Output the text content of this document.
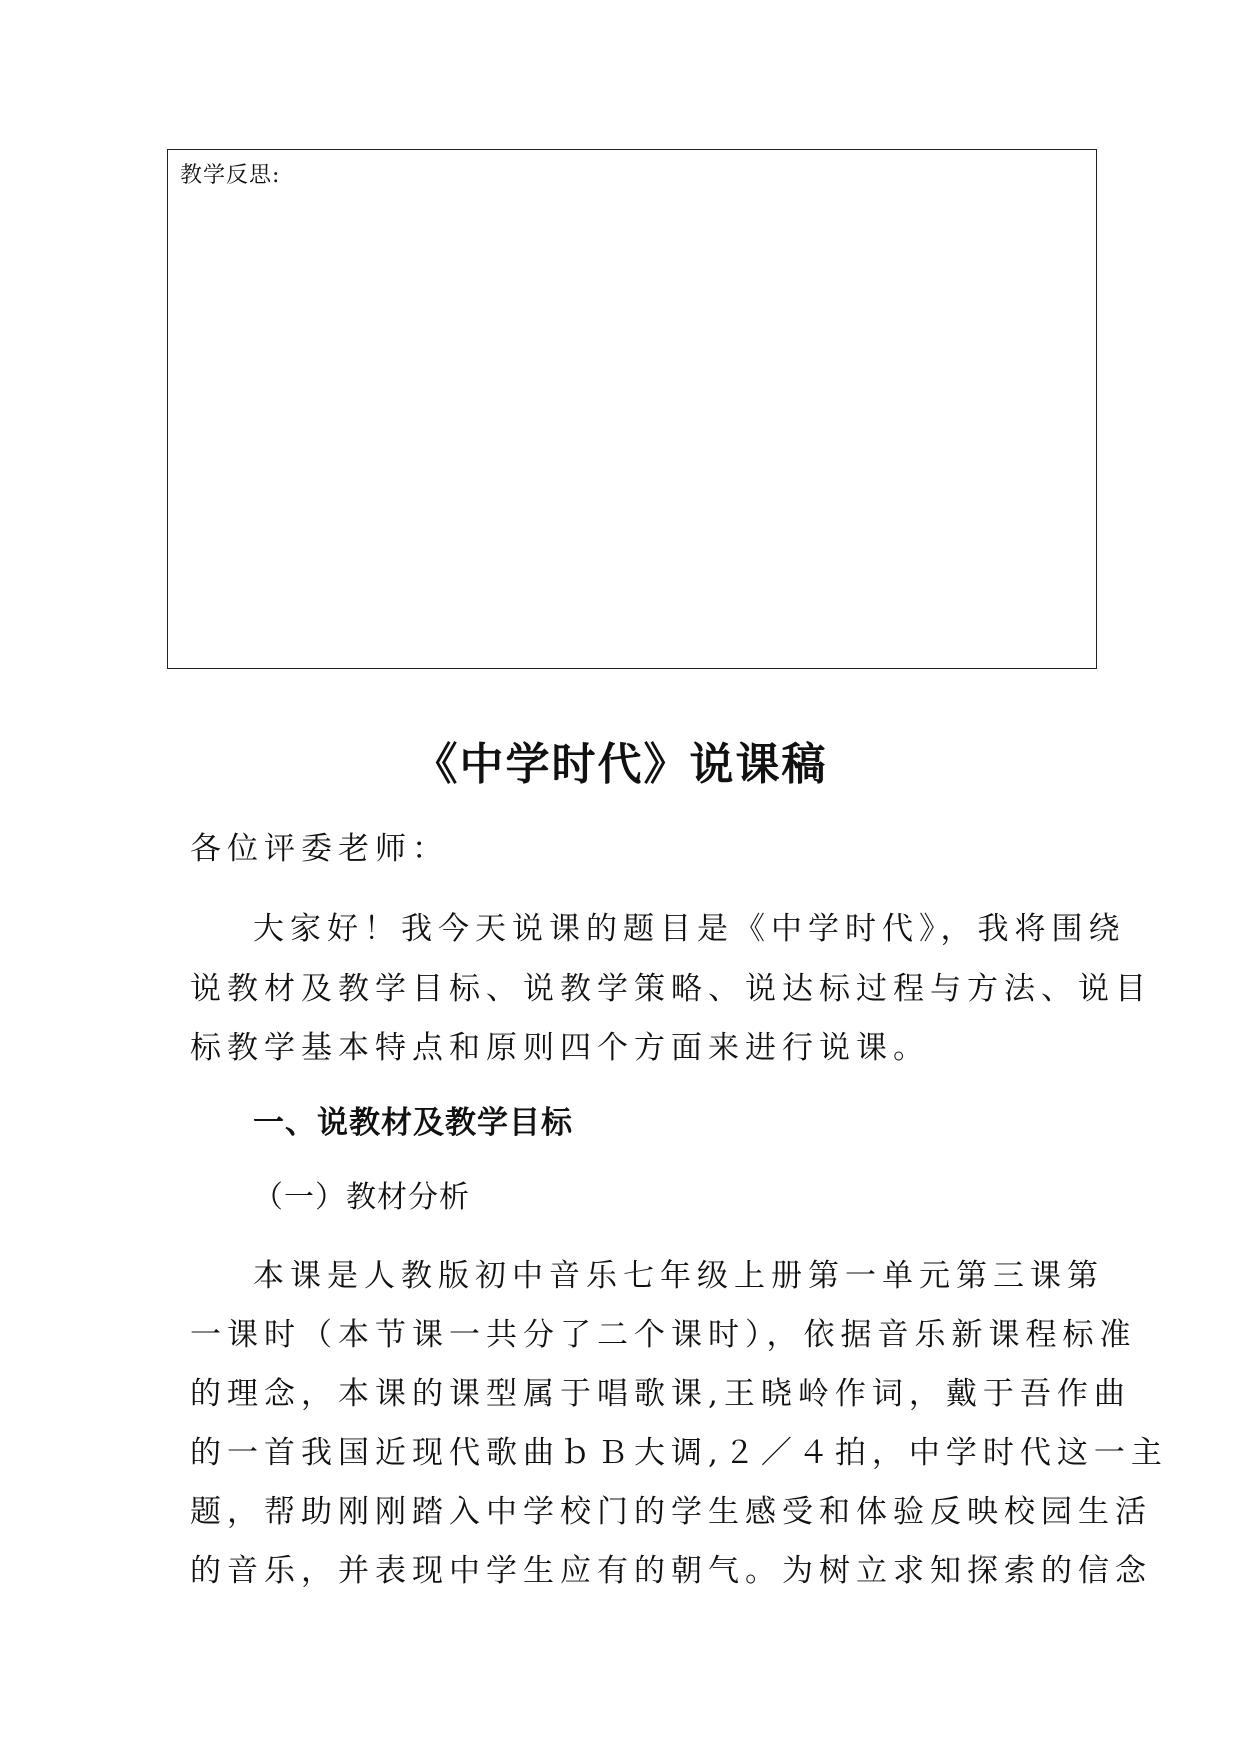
教学反思:
《中学时代》说课稿
各位评委老师：
大家好！我今天说课的题目是《中学时代》，我将围绕
说教材及教学目标、说教学策略、说达标过程与方法、说目
标教学基本特点和原则四个方面来进行说课。
一、说教材及教学目标
（一）教材分析
本课是人教版初中音乐七年级上册第一单元第三课第
一课时（本节课一共分了二个课时），依据音乐新课程标准
的理念，本课的课型属于唱歌课,王晓岭作词，戴于吾作曲
的一首我国近现代歌曲ｂＢ大调,２／４拍，中学时代这一主
题，帮助刚刚踏入中学校门的学生感受和体验反映校园生活
的音乐，并表现中学生应有的朝气。为树立求知探索的信念
